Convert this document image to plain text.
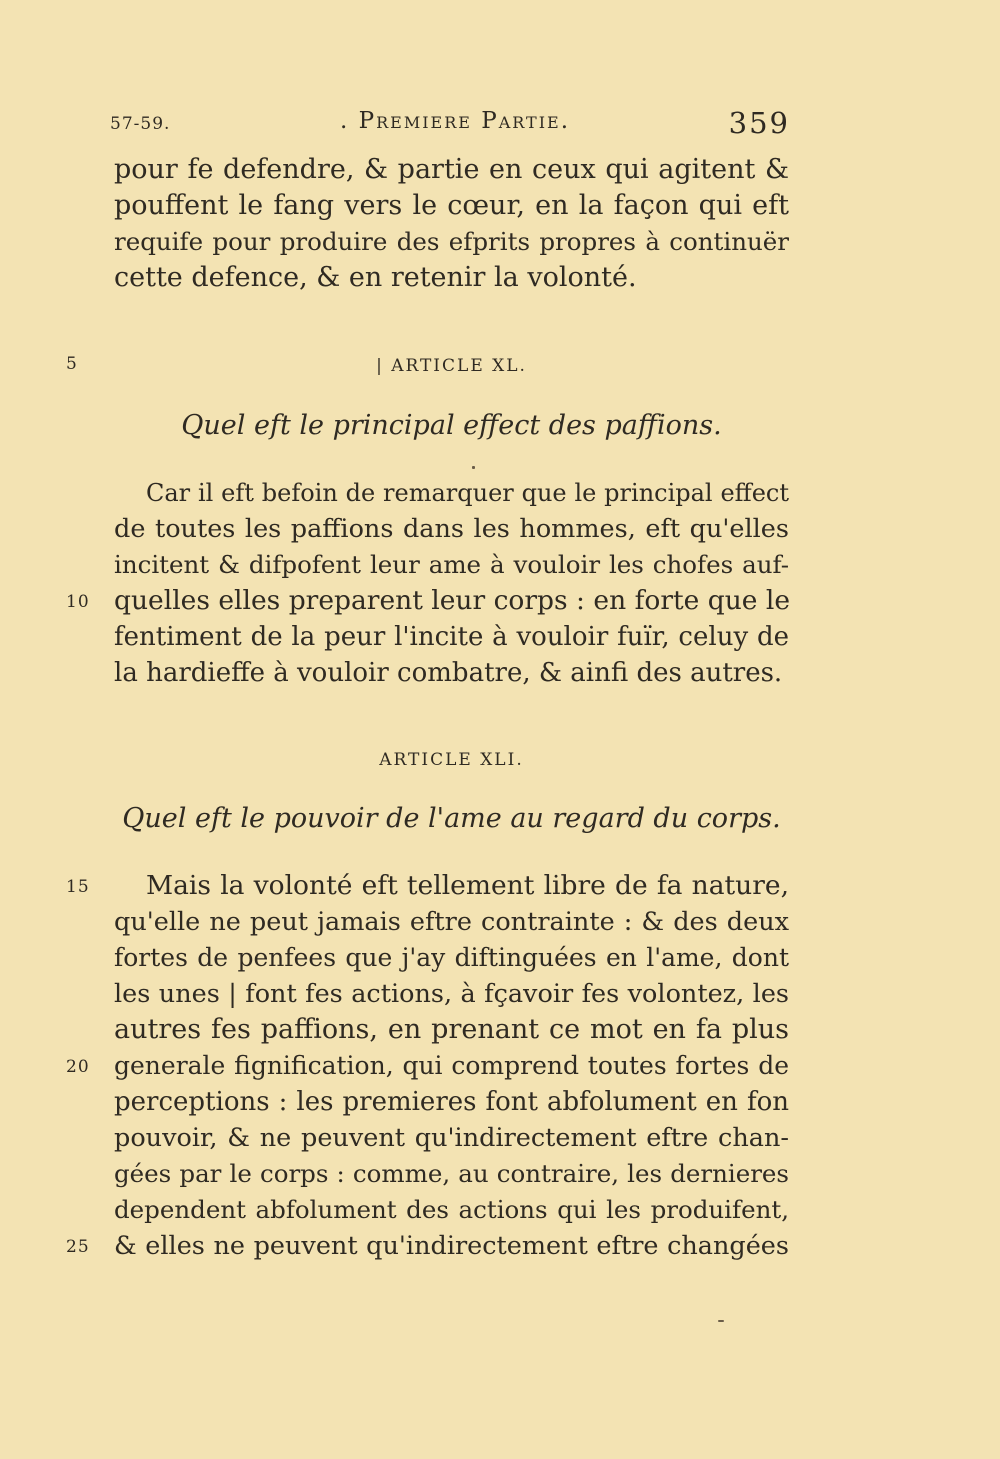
57-59.	. Premiere Partie.	359
pour fe defendre, & partie en ceux qui agitent &
pouffent le fang vers le cœur, en la façon qui eft
requife pour produire des efprits propres à continuër
cette defence, & en retenir la volonté.
5	| ARTICLE XL.
Quel eft le principal effect des paffions.
Car il eft befoin de remarquer que le principal effect
de toutes les paffions dans les hommes, eft qu'elles
incitent & difpofent leur ame à vouloir les chofes auf-
10 quelles elles preparent leur corps : en forte que le
fentiment de la peur l'incite à vouloir fuïr, celuy de
la hardieffe à vouloir combatre, & ainfi des autres.
ARTICLE XLI.
Quel eft le pouvoir de l'ame au regard du corps.
15 Mais la volonté eft tellement libre de fa nature,
qu'elle ne peut jamais eftre contrainte : & des deux
fortes de penfees que j'ay diftinguées en l'ame, dont
les unes | font fes actions, à fçavoir fes volontez, les
autres fes paffions, en prenant ce mot en fa plus
20 generale fignification, qui comprend toutes fortes de
perceptions : les premieres font abfolument en fon
pouvoir, & ne peuvent qu'indirectement eftre chan-
gées par le corps : comme, au contraire, les dernieres
dependent abfolument des actions qui les produifent,
25 & elles ne peuvent qu'indirectement eftre changées
